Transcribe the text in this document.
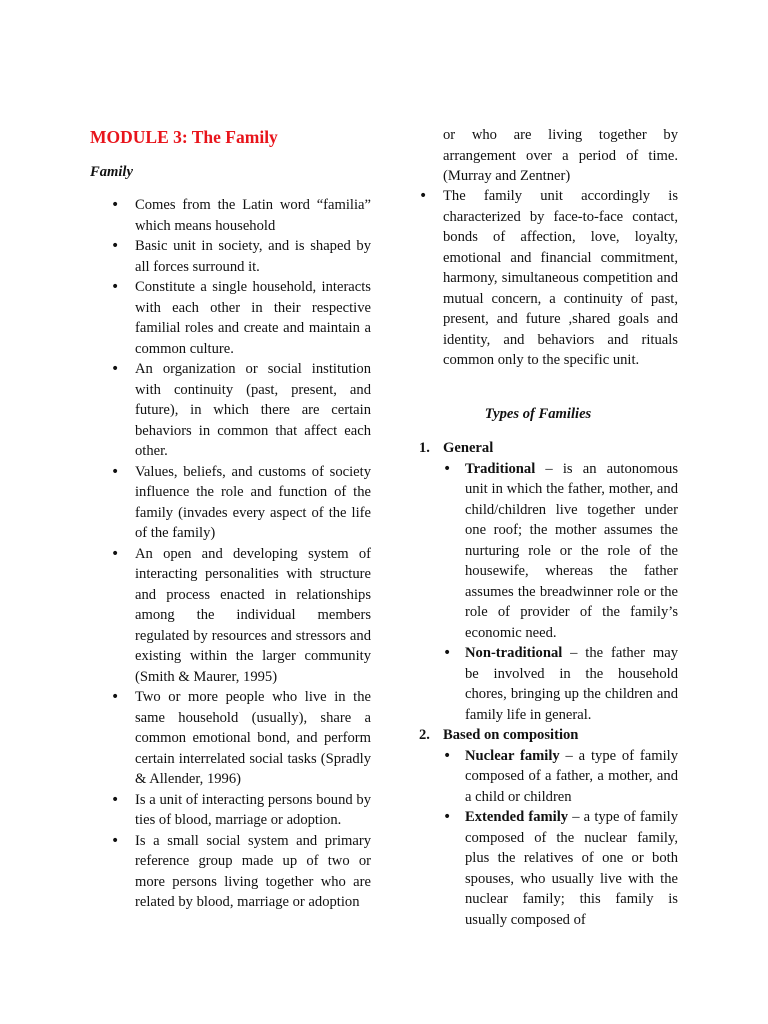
MODULE 3: The Family
Family
• Comes from the Latin word “familia” which means household
• Basic unit in society, and is shaped by all forces surround it.
• Constitute a single household, interacts with each other in their respective familial roles and create and maintain a common culture.
• An organization or social institution with continuity (past, present, and future), in which there are certain behaviors in common that affect each other.
• Values, beliefs, and customs of society influence the role and function of the family (invades every aspect of the life of the family)
• An open and developing system of interacting personalities with structure and process enacted in relationships among the individual members regulated by resources and stressors and existing within the larger community (Smith & Maurer, 1995)
• Two or more people who live in the same household (usually), share a common emotional bond, and perform certain interrelated social tasks (Spradly & Allender, 1996)
• Is a unit of interacting persons bound by ties of blood, marriage or adoption.
• Is a small social system and primary reference group made up of two or more persons living together who are related by blood, marriage or adoption
or who are living together by arrangement over a period of time. (Murray and Zentner)
• The family unit accordingly is characterized by face-to-face contact, bonds of affection, love, loyalty, emotional and financial commitment, harmony, simultaneous competition and mutual concern, a continuity of past, present, and future ,shared goals and identity, and behaviors and rituals common only to the specific unit.
Types of Families
1. General
• Traditional – is an autonomous unit in which the father, mother, and child/children live together under one roof; the mother assumes the nurturing role or the role of the housewife, whereas the father assumes the breadwinner role or the role of provider of the family’s economic need.
• Non-traditional – the father may be involved in the household chores, bringing up the children and family life in general.
2. Based on composition
• Nuclear family – a type of family composed of a father, a mother, and a child or children
• Extended family – a type of family composed of the nuclear family, plus the relatives of one or both spouses, who usually live with the nuclear family; this family is usually composed of
